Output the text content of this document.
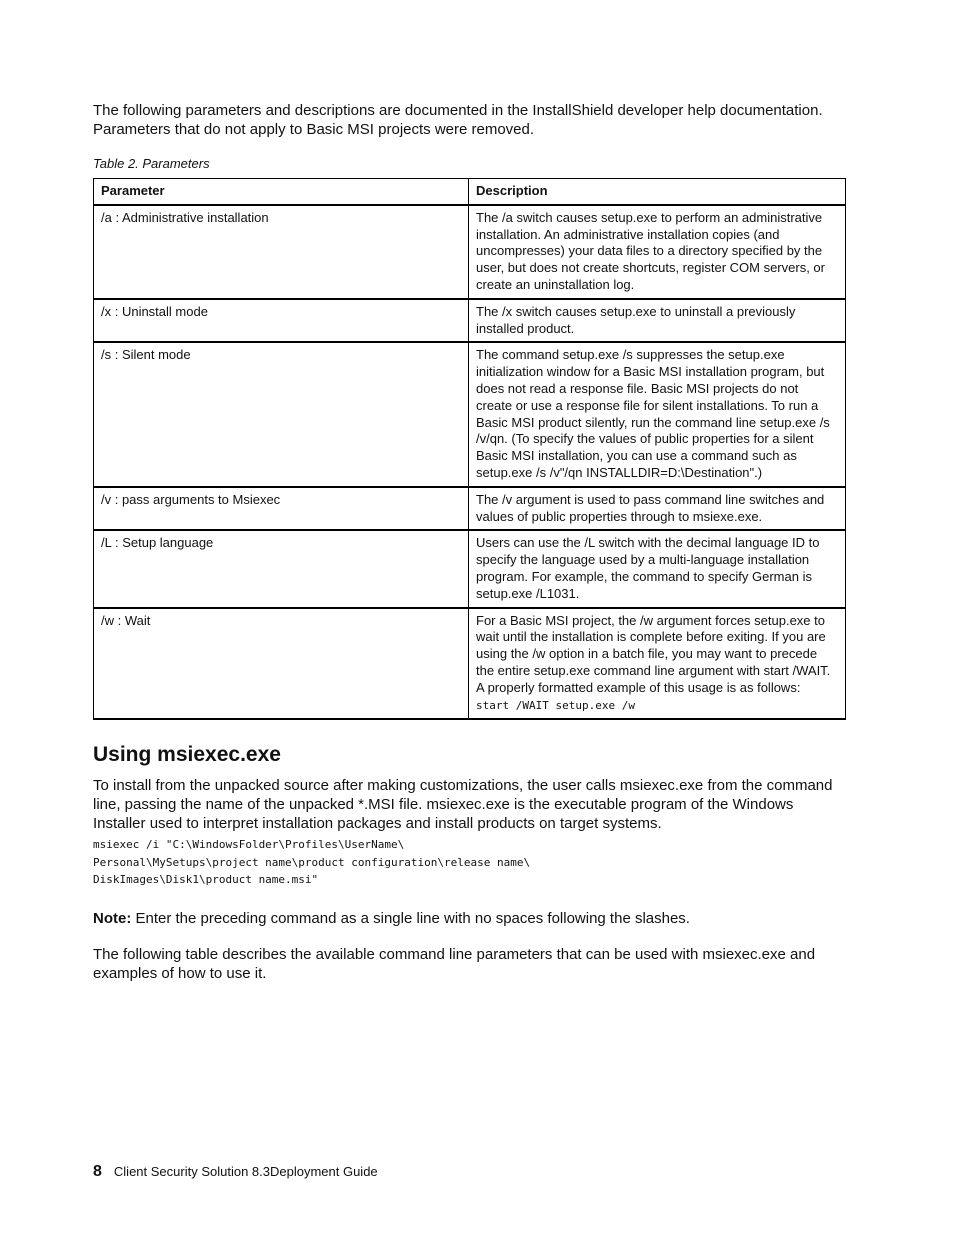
The following parameters and descriptions are documented in the InstallShield developer help documentation. Parameters that do not apply to Basic MSI projects were removed.

Table 2. Parameters
Parameter	Description
/a : Administrative installation	The /a switch causes setup.exe to perform an administrative installation. An administrative installation copies (and uncompresses) your data files to a directory specified by the user, but does not create shortcuts, register COM servers, or create an uninstallation log.
/x : Uninstall mode	The /x switch causes setup.exe to uninstall a previously installed product.
/s : Silent mode	The command setup.exe /s suppresses the setup.exe initialization window for a Basic MSI installation program, but does not read a response file. Basic MSI projects do not create or use a response file for silent installations. To run a Basic MSI product silently, run the command line setup.exe /s /v/qn. (To specify the values of public properties for a silent Basic MSI installation, you can use a command such as setup.exe /s /v"/qn INSTALLDIR=D:\Destination".)
/v : pass arguments to Msiexec	The /v argument is used to pass command line switches and values of public properties through to msiexe.exe.
/L : Setup language	Users can use the /L switch with the decimal language ID to specify the language used by a multi-language installation program. For example, the command to specify German is setup.exe /L1031.
/w : Wait	For a Basic MSI project, the /w argument forces setup.exe to wait until the installation is complete before exiting. If you are using the /w option in a batch file, you may want to precede the entire setup.exe command line argument with start /WAIT. A properly formatted example of this usage is as follows:
start /WAIT setup.exe /w
Using msiexec.exe

To install from the unpacked source after making customizations, the user calls msiexec.exe from the command line, passing the name of the unpacked *.MSI file. msiexec.exe is the executable program of the Windows Installer used to interpret installation packages and install products on target systems.

msiexec /i "C:\WindowsFolder\Profiles\UserName\
Personal\MySetups\project name\product configuration\release name\
DiskImages\Disk1\product name.msi"

Note: Enter the preceding command as a single line with no spaces following the slashes.

The following table describes the available command line parameters that can be used with msiexec.exe and examples of how to use it.

8 Client Security Solution 8.3Deployment Guide
